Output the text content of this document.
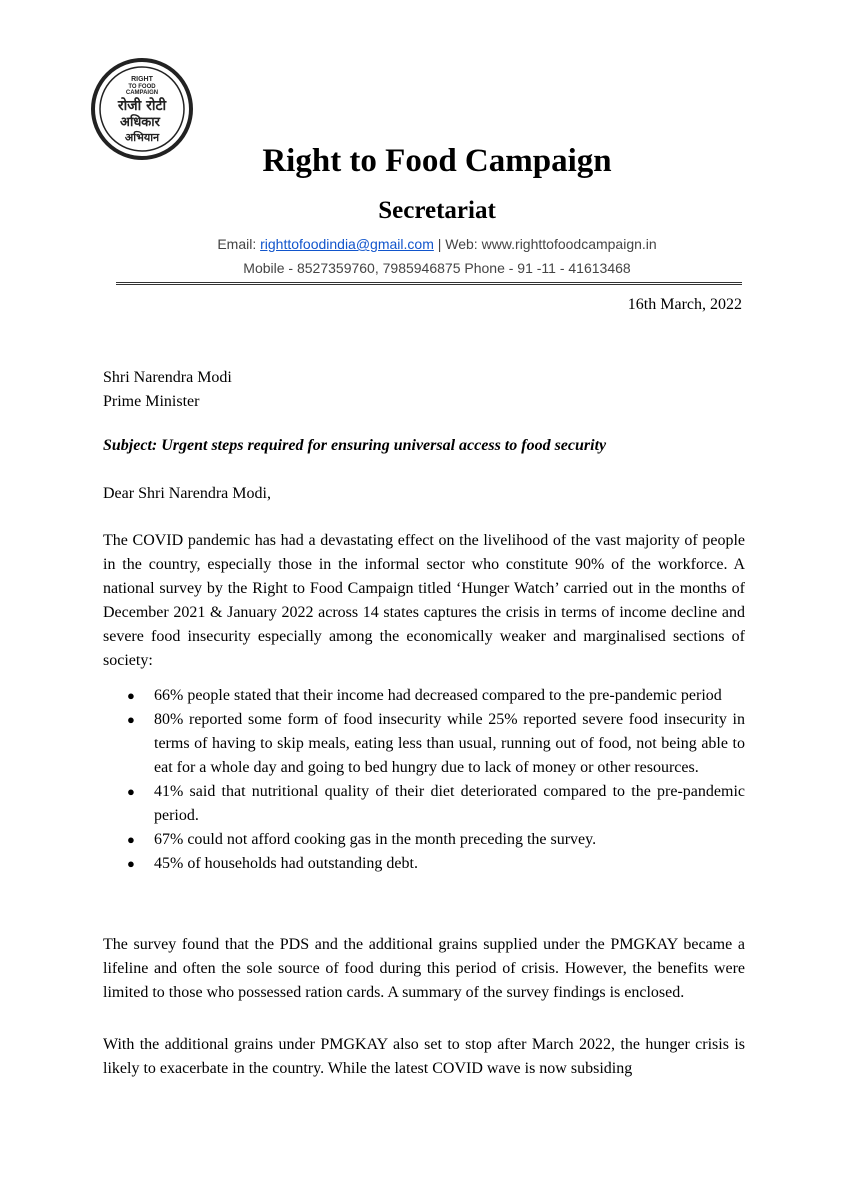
RIGHT
TO FOOD
CAMPAIGN
रोजी रोटी
अधिकार
अभियान
Right to Food Campaign
Secretariat
Email: righttofoodindia@gmail.com | Web: www.righttofoodcampaign.in
Mobile - 8527359760, 7985946875 Phone - 91 -11 - 41613468
16th March, 2022
Shri Narendra Modi
Prime Minister
Subject: Urgent steps required for ensuring universal access to food security
Dear Shri Narendra Modi,

The COVID pandemic has had a devastating effect on the livelihood of the vast majority of people in the country, especially those in the informal sector who constitute 90% of the workforce. A national survey by the Right to Food Campaign titled ‘Hunger Watch’ carried out in the months of December 2021 & January 2022 across 14 states captures the crisis in terms of income decline and severe food insecurity especially among the economically weaker and marginalised sections of society:

● 66% people stated that their income had decreased compared to the pre-pandemic period
● 80% reported some form of food insecurity while 25% reported severe food insecurity in terms of having to skip meals, eating less than usual, running out of food, not being able to eat for a whole day and going to bed hungry due to lack of money or other resources.
● 41% said that nutritional quality of their diet deteriorated compared to the pre-pandemic period.
● 67% could not afford cooking gas in the month preceding the survey.
● 45% of households had outstanding debt.

The survey found that the PDS and the additional grains supplied under the PMGKAY became a lifeline and often the sole source of food during this period of crisis. However, the benefits were limited to those who possessed ration cards. A summary of the survey findings is enclosed.

With the additional grains under PMGKAY also set to stop after March 2022, the hunger crisis is likely to exacerbate in the country. While the latest COVID wave is now subsiding
